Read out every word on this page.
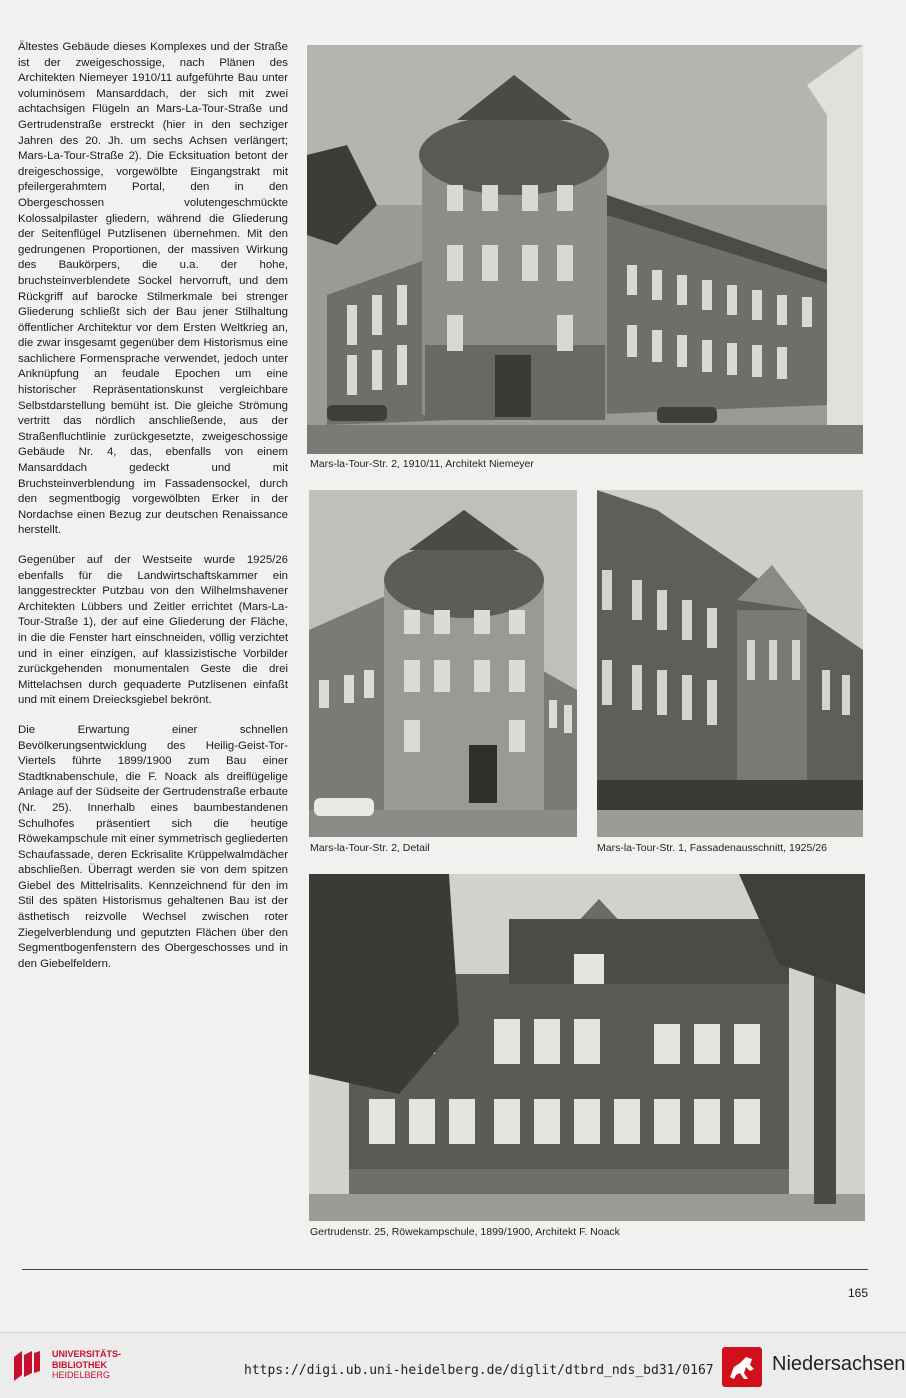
Ältestes Gebäude dieses Komplexes und der Straße ist der zweigeschossige, nach Plänen des Architekten Niemeyer 1910/11 aufgeführte Bau unter voluminösem Mansarddach, der sich mit zwei achtachsigen Flügeln an Mars-La-Tour-Straße und Gertrudenstraße erstreckt (hier in den sechziger Jahren des 20. Jh. um sechs Achsen verlängert; Mars-La-Tour-Straße 2). Die Ecksituation betont der dreigeschossige, vorgewölbte Eingangstrakt mit pfeilergerahmtem Portal, den in den Obergeschossen volutengeschmückte Kolossalpilaster gliedern, während die Gliederung der Seitenflügel Putzlisenen übernehmen. Mit den gedrungenen Proportionen, der massiven Wirkung des Baukörpers, die u.a. der hohe, bruchsteinverblendete Sockel hervorruft, und dem Rückgriff auf barocke Stilmerkmale bei strenger Gliederung schließt sich der Bau jener Stilhaltung öffentlicher Architektur vor dem Ersten Weltkrieg an, die zwar insgesamt gegenüber dem Historismus eine sachlichere Formensprache verwendet, jedoch unter Anknüpfung an feudale Epochen um eine historischer Repräsentationskunst vergleichbare Selbstdarstellung bemüht ist. Die gleiche Strömung vertritt das nördlich anschließende, aus der Straßenfluchtlinie zurückgesetzte, zweigeschossige Gebäude Nr. 4, das, ebenfalls von einem Mansarddach gedeckt und mit Bruchsteinverblendung im Fassadensockel, durch den segmentbogig vorgewölbten Erker in der Nordachse einen Bezug zur deutschen Renaissance herstellt.

Gegenüber auf der Westseite wurde 1925/26 ebenfalls für die Landwirtschaftskammer ein langgestreckter Putzbau von den Wilhelmshavener Architekten Lübbers und Zeitler errichtet (Mars-La-Tour-Straße 1), der auf eine Gliederung der Fläche, in die die Fenster hart einschneiden, völlig verzichtet und in einer einzigen, auf klassizistische Vorbilder zurückgehenden monumentalen Geste die drei Mittelachsen durch gequaderte Putzlisenen einfaßt und mit einem Dreiecksgiebel bekrönt.

Die Erwartung einer schnellen Bevölkerungsentwicklung des Heilig-Geist-Tor-Viertels führte 1899/1900 zum Bau einer Stadtknabenschule, die F. Noack als dreiflügelige Anlage auf der Südseite der Gertrudenstraße erbaute (Nr. 25). Innerhalb eines baumbestandenen Schulhofes präsentiert sich die heutige Röwekampschule mit einer symmetrisch gegliederten Schaufassade, deren Eckrisalite Krüppelwalmdächer abschließen. Überragt werden sie von dem spitzen Giebel des Mittelrisalits. Kennzeichnend für den im Stil des späten Historismus gehaltenen Bau ist der ästhetisch reizvolle Wechsel zwischen roter Ziegelverblendung und geputzten Flächen über den Segmentbogenfenstern des Obergeschosses und in den Giebelfeldern.

Mars-la-Tour-Str. 2, 1910/11, Architekt Niemeyer
Mars-la-Tour-Str. 2, Detail	Mars-la-Tour-Str. 1, Fassadenausschnitt, 1925/26
Gertrudenstr. 25, Röwekampschule, 1899/1900, Architekt F. Noack
165
UNIVERSITÄTS-
BIBLIOTHEK
HEIDELBERG	https://digi.ub.uni-heidelberg.de/diglit/dtbrd_nds_bd31/0167	Niedersachsen
